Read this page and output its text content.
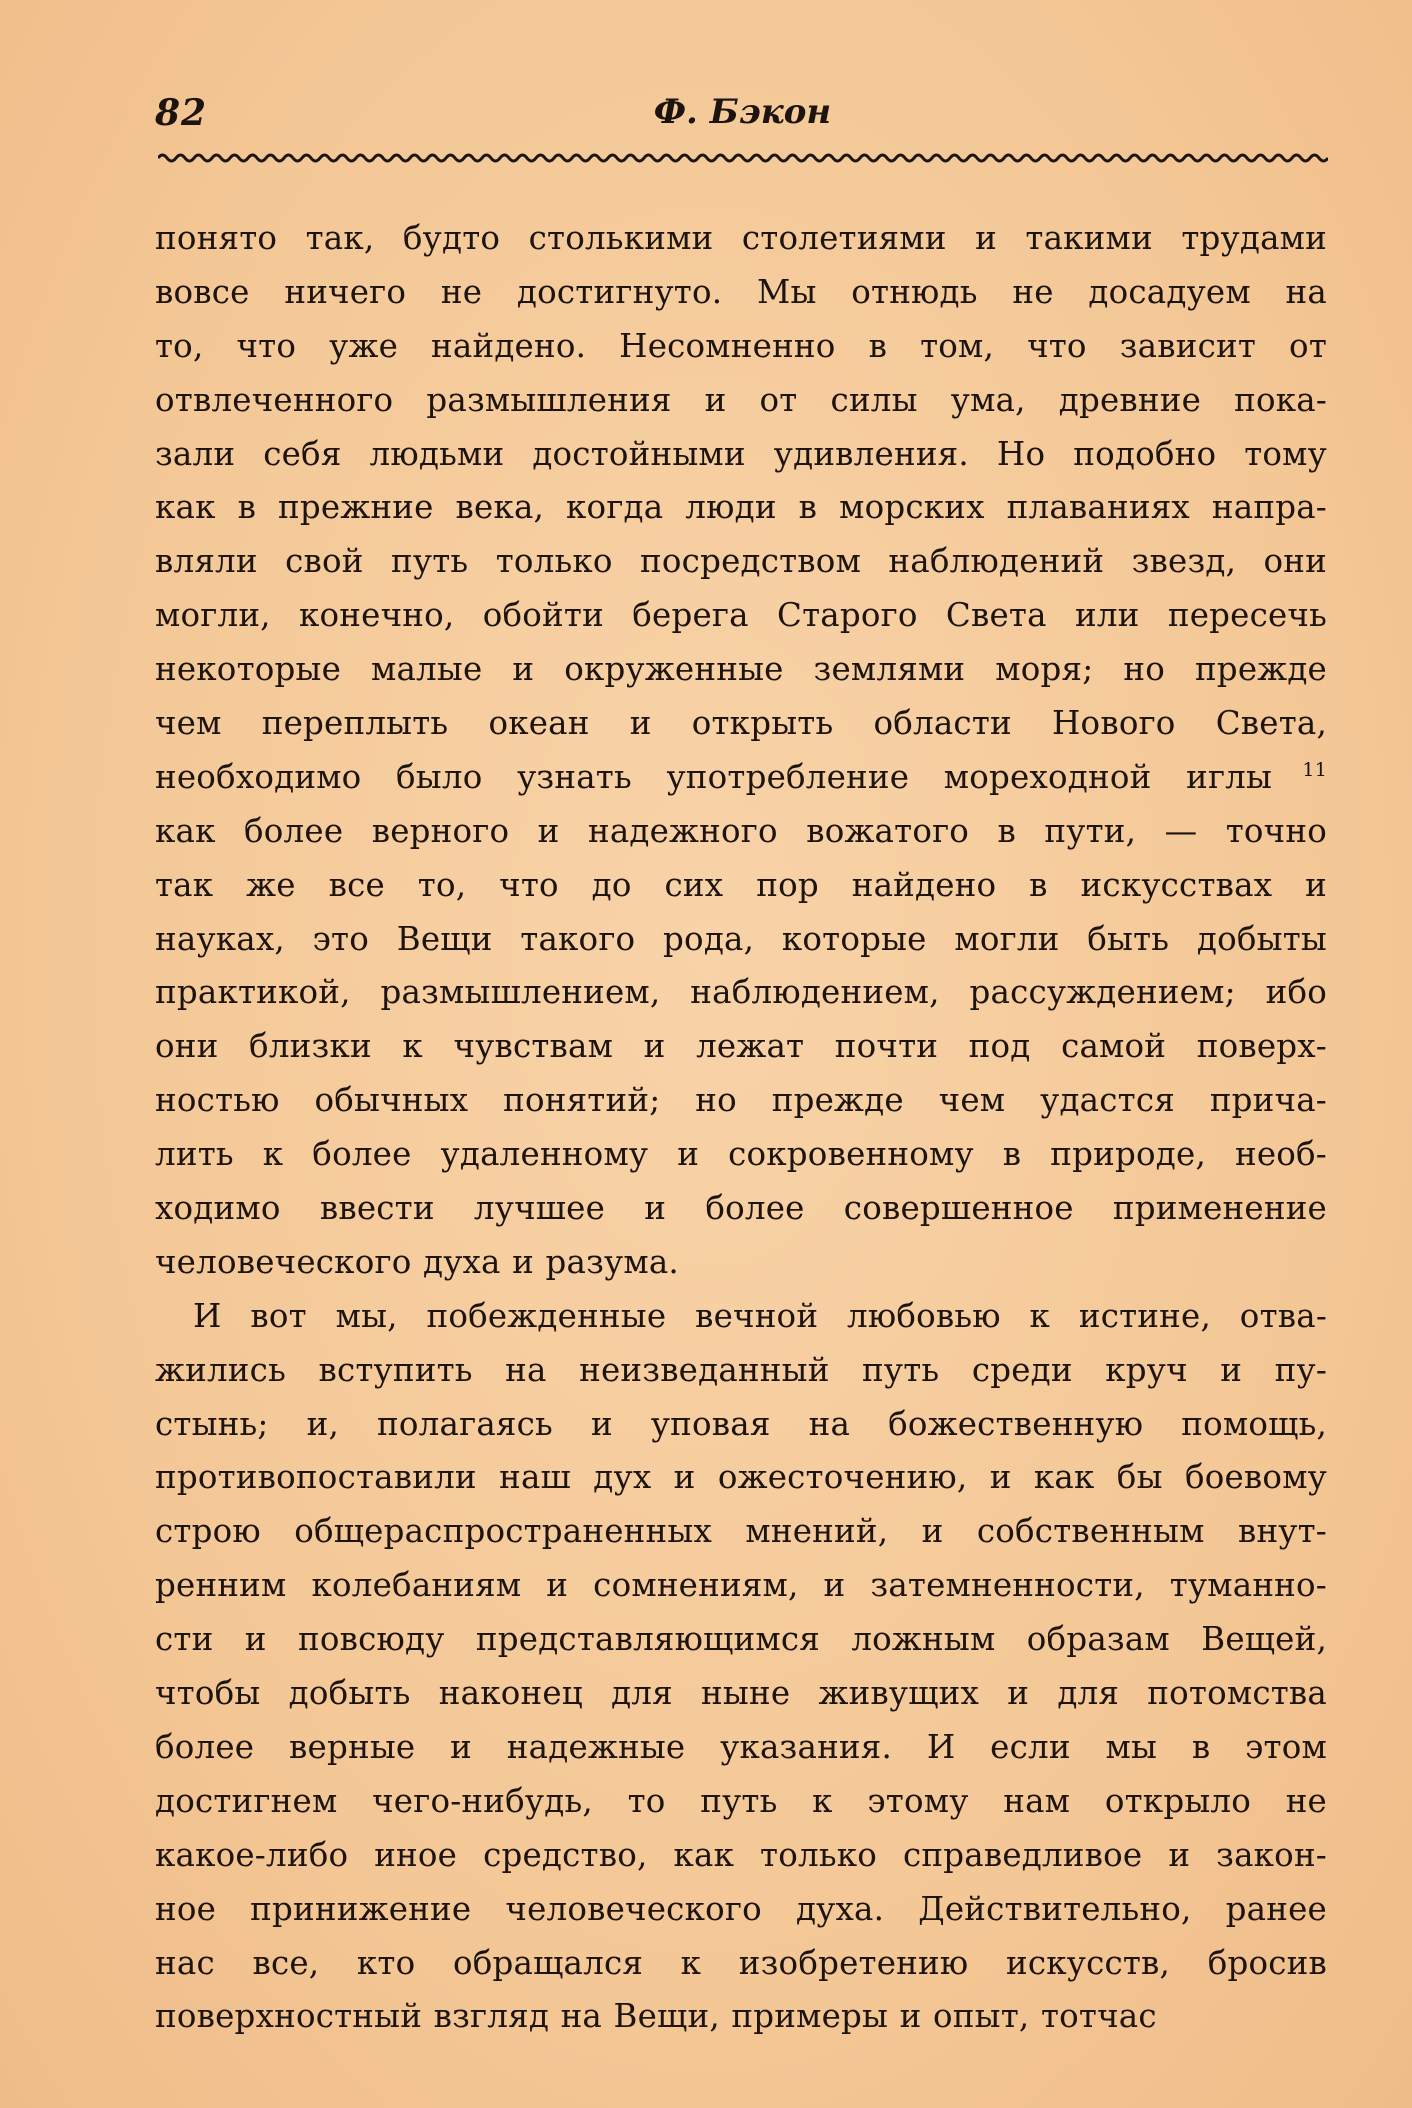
82	Ф. Бэкон
понято так, будто столькими столетиями и такими трудами
вовсе ничего не достигнуто. Мы отнюдь не досадуем на
то, что уже найдено. Несомненно в том, что зависит от
отвлеченного размышления и от силы ума, древние пока-
зали себя людьми достойными удивления. Но подобно тому
как в прежние века, когда люди в морских плаваниях напра-
вляли свой путь только посредством наблюдений звезд, они
могли, конечно, обойти берега Старого Света или пересечь
некоторые малые и окруженные землями моря; но прежде
чем переплыть океан и открыть области Нового Света,
необходимо было узнать употребление мореходной иглы $^{11}$
как более верного и надежного вожатого в пути, — точно
так же все то, что до сих пор найдено в искусствах и
науках, это Вещи такого рода, которые могли быть добыты
практикой, размышлением, наблюдением, рассуждением; ибо
они близки к чувствам и лежат почти под самой поверх-
ностью обычных понятий; но прежде чем удастся прича-
лить к более удаленному и сокровенному в природе, необ-
ходимо ввести лучшее и более совершенное применение
человеческого духа и разума.
И вот мы, побежденные вечной любовью к истине, отва-
жились вступить на неизведанный путь среди круч и пу-
стынь; и, полагаясь и уповая на божественную помощь,
противопоставили наш дух и ожесточению, и как бы боевому
строю общераспространенных мнений, и собственным внут-
ренним колебаниям и сомнениям, и затемненности, туманно-
сти и повсюду представляющимся ложным образам Вещей,
чтобы добыть наконец для ныне живущих и для потомства
более верные и надежные указания. И если мы в этом
достигнем чего-нибудь, то путь к этому нам открыло не
какое-либо иное средство, как только справедливое и закон-
ное принижение человеческого духа. Действительно, ранее
нас все, кто обращался к изобретению искусств, бросив
поверхностный взгляд на Вещи, примеры и опыт, тотчас
